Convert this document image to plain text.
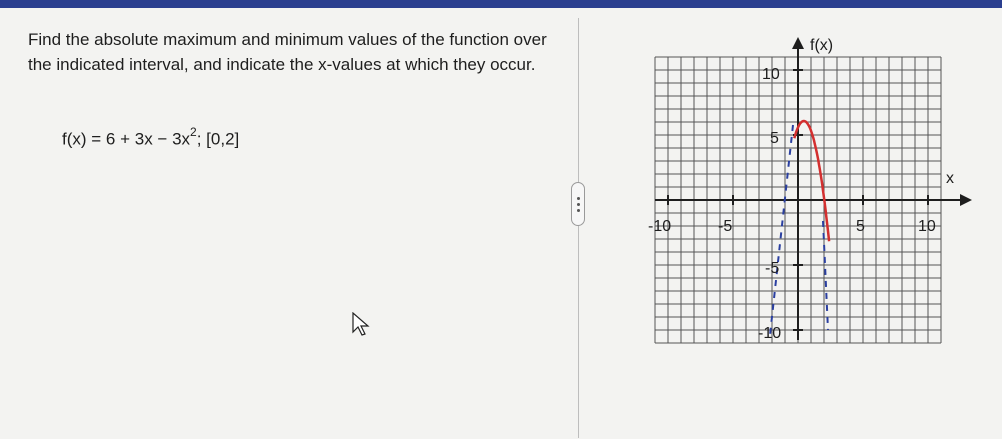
Find the absolute maximum and minimum values of the function over the indicated interval, and indicate the x-values at which they occur.
$f(x) = 6 + 3x - 3x^2$; [0,2]
f(x)
x
-10	-5	5	10
10
5
-5
-10
